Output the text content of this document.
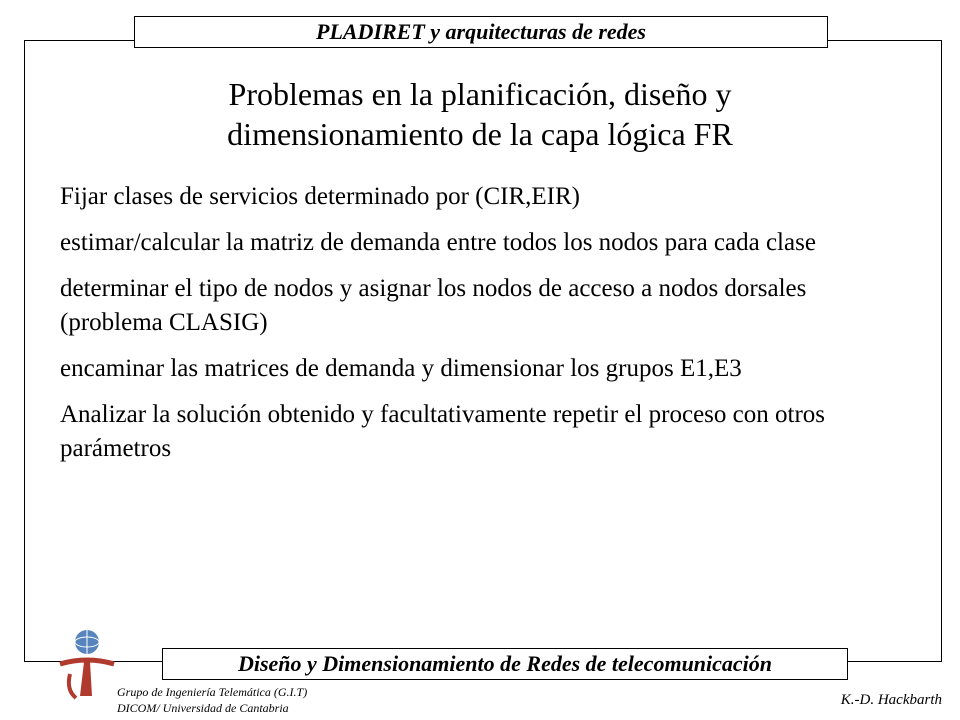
PLADIRET y arquitecturas de redes
Problemas en la planificación, diseño y
dimensionamiento de la capa lógica FR
Fijar clases de servicios determinado por (CIR,EIR)
estimar/calcular la matriz de demanda entre todos los nodos para cada clase
determinar el tipo de nodos y asignar los nodos de acceso a nodos dorsales (problema CLASIG)
encaminar las matrices de demanda y dimensionar los grupos E1,E3
Analizar la solución obtenido y facultativamente repetir el proceso con otros parámetros
Diseño y Dimensionamiento de Redes de telecomunicación
Grupo de Ingeniería Telemática (G.I.T)
DICOM/ Universidad de Cantabria	K.-D. Hackbarth
